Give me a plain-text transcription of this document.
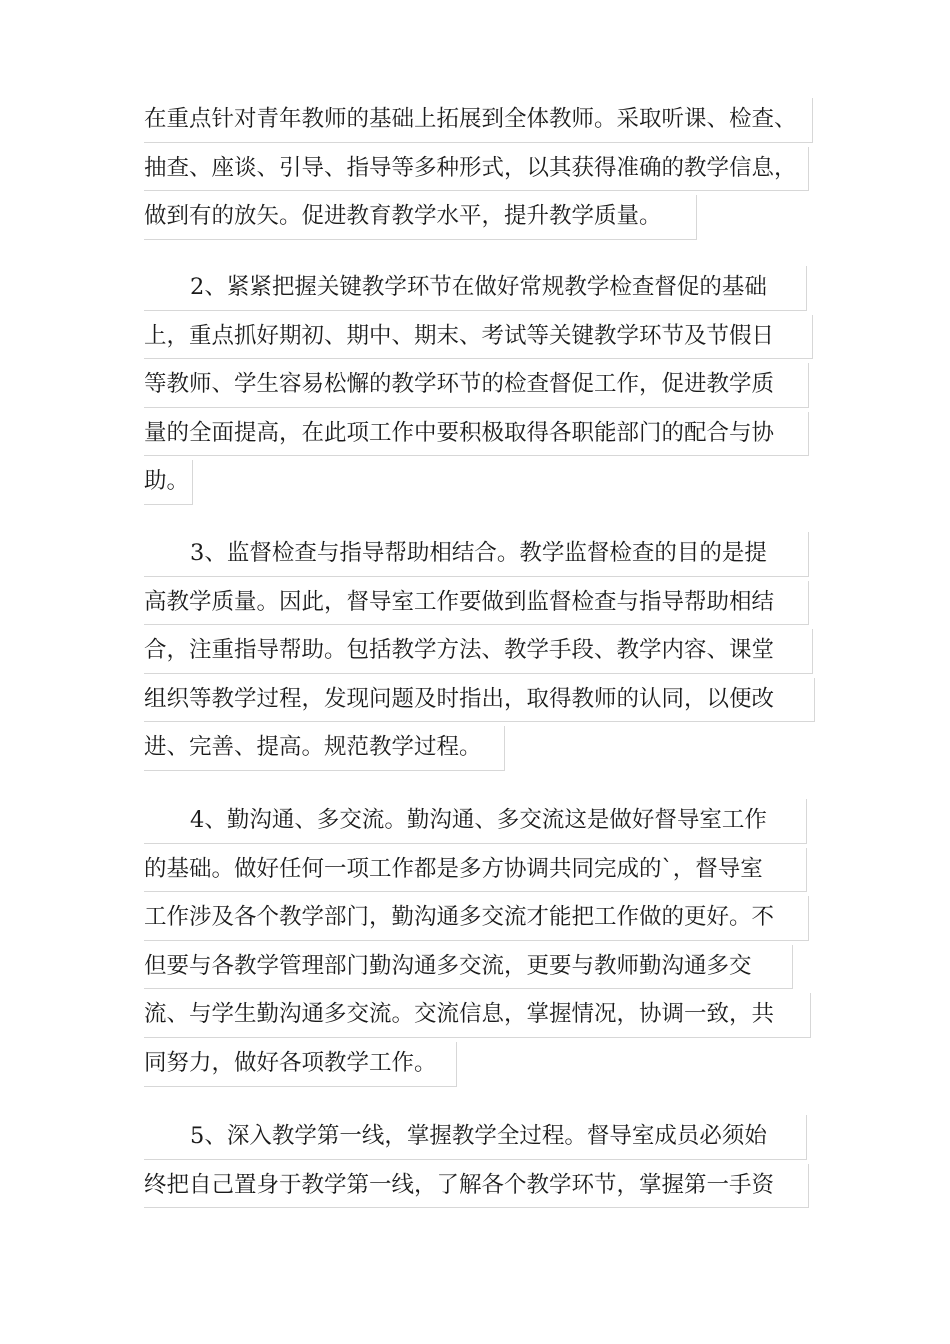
在重点针对青年教师的基础上拓展到全体教师。采取听课、检查、
抽查、座谈、引导、指导等多种形式，以其获得准确的教学信息，
做到有的放矢。促进教育教学水平，提升教学质量。
2、紧紧把握关键教学环节在做好常规教学检查督促的基础
上，重点抓好期初、期中、期末、考试等关键教学环节及节假日
等教师、学生容易松懈的教学环节的检查督促工作，促进教学质
量的全面提高，在此项工作中要积极取得各职能部门的配合与协
助。
3、监督检查与指导帮助相结合。教学监督检查的目的是提
高教学质量。因此，督导室工作要做到监督检查与指导帮助相结
合，注重指导帮助。包括教学方法、教学手段、教学内容、课堂
组织等教学过程，发现问题及时指出，取得教师的认同，以便改
进、完善、提高。规范教学过程。
4、勤沟通、多交流。勤沟通、多交流这是做好督导室工作
的基础。做好任何一项工作都是多方协调共同完成的`，督导室
工作涉及各个教学部门，勤沟通多交流才能把工作做的更好。不
但要与各教学管理部门勤沟通多交流，更要与教师勤沟通多交
流、与学生勤沟通多交流。交流信息，掌握情况，协调一致，共
同努力，做好各项教学工作。
5、深入教学第一线，掌握教学全过程。督导室成员必须始
终把自己置身于教学第一线，了解各个教学环节，掌握第一手资
